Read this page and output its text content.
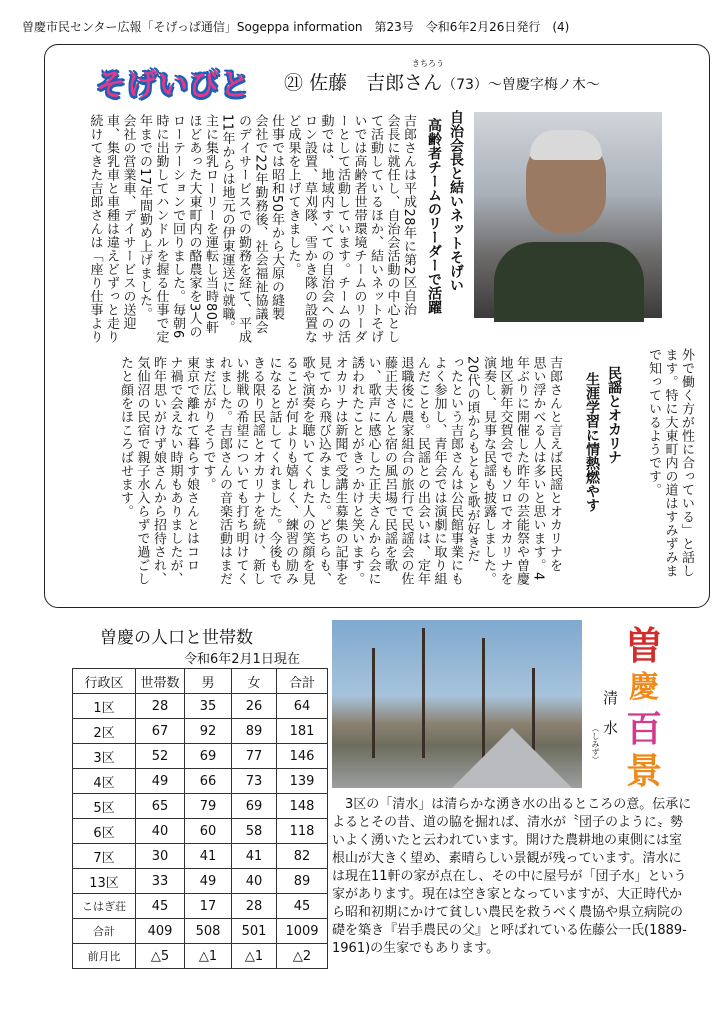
曽慶市民センター広報「そげっぱ通信」Sogeppa information　第23号　令和6年2月26日発行　(4)
そげいびと
きちろう
㉑ 佐藤　吉郎さん（73）～曽慶字梅ノ木～
自治会長と結いネットそげい
高齢者チームのリーダーで活躍
吉郎さんは平成28年に第2区自治
会長に就任し、自治会活動の中心とし
て活動しているほか、結いネットそげ
いでは高齢者世帯環境チームのリーダ
ーとして活動しています。チームの活
動では、地域内すべての自治会へのサ
ロン設置、草刈隊、雪かき隊の設置な
ど成果を上げてきました。
仕事では昭和50年から大原の縫製
会社で22年勤務後、社会福祉協議会
のデイサービスでの勤務を経て、平成
11年からは地元の伊東運送に就職。
主に集乳ローリーを運転し当時80軒
ほどあった大東町内の酪農家を3人の
ローテーションで回りました。毎朝6
時に出勤してハンドルを握る仕事で定
年までの17年間勤め上げました。
会社の営業車、デイサービスの送迎
車、集乳車と車種は違えどずっと走り
続けてきた吉郎さんは「座り仕事より
民謡とオカリナ
生涯学習に情熱燃やす	外で働く方が性に合っている」と話し
ます。特に大東町内の道はすみずみま
で知っているようです。
吉郎さんと言えば民謡とオカリナを
思い浮かべる人は多いと思います。4
年ぶりに開催した昨年の芸能祭や曽慶
地区新年交賀会でもソロでオカリナを
演奏し、見事な民謡も披露しました。
20代の頃からもともと歌が好きだ
ったという吉郎さんは公民館事業にも
よく参加し、青年会では演劇に取り組
んだことも。民謡との出会いは、定年
退職後に農家組合の旅行で民謡会の佐
藤正夫さんと宿の風呂場で民謡を歌
い、歌声に感心した正夫さんから会に
誘われたことがきっかけと笑います。
オカリナは新聞で受講生募集の記事を
見てから飛び込みました。どちらも、
歌や演奏を聴いてくれた人の笑顔を見
ることが何よりも嬉しく、練習の励み
になると話してくれました。今後もで
きる限り民謡とオカリナを続け、新し
い挑戦の希望についても打ち明けてく
れました。吉郎さんの音楽活動はまだ
まだ広がりそうです。
東京で離れて暮らす娘さんとはコロ
ナ禍で会えない時期もありましたが、
昨年思いがけず娘さんから招待され、
気仙沼の民宿で親子水入らずで過ごし
たと顔をほころばせます。
曽慶の人口と世帯数
令和6年2月1日現在
行政区	世帯数	男	女	合計
1区	28	35	26	64
2区	67	92	89	181
3区	52	69	77	146
4区	49	66	73	139
5区	65	79	69	148
6区	40	60	58	118
7区	30	41	41	82
13区	33	49	40	89
こはぎ荘	45	17	28	45
合計	409	508	501	1009
前月比	△5	△1	△1	△2
曽
慶
百
景
清　水
（しみず）
　3区の「清水」は清らかな湧き水の出るところの意。伝承によるとその昔、道の脇を掘れば、清水が〝団子のように〟勢いよく湧いたと云われています。開けた農耕地の東側には室根山が大きく望め、素晴らしい景観が残っています。清水には現在11軒の家が点在し、その中に屋号が「団子水」という家があります。現在は空き家となっていますが、大正時代から昭和初期にかけて貧しい農民を救うべく農協や県立病院の礎を築き『岩手農民の父』と呼ばれている佐藤公一氏(1889-1961)の生家でもあります。
